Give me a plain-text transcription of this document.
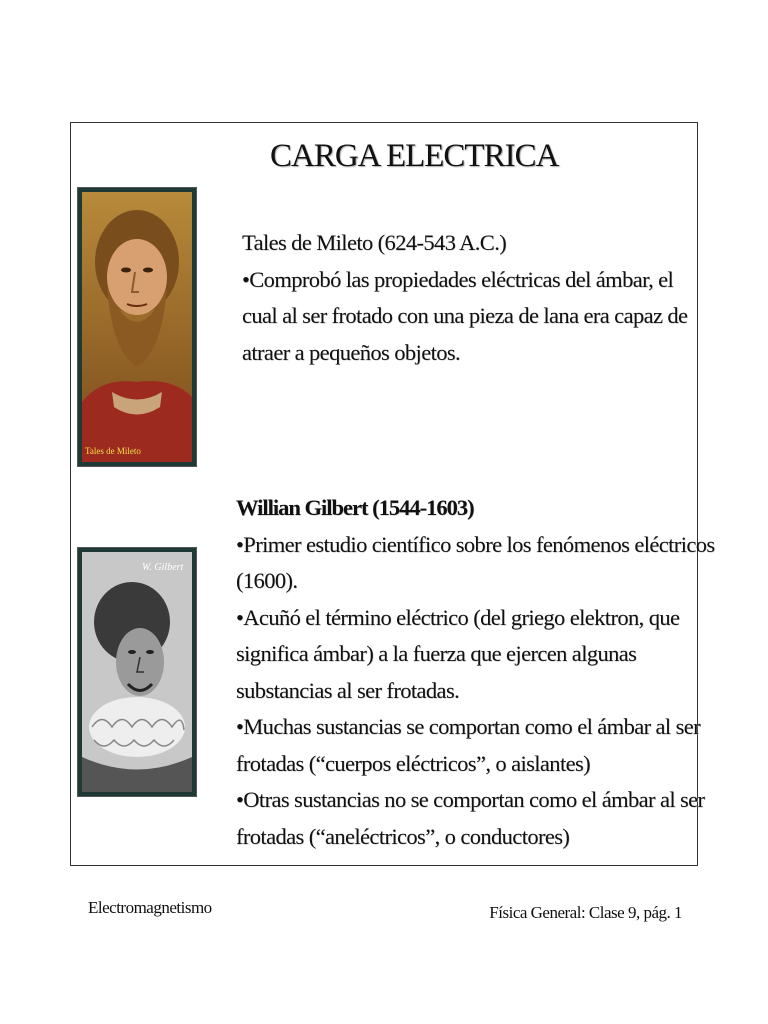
CARGA ELECTRICA
Tales de Mileto
W. Gilbert
Tales de Mileto (624-543 A.C.)
•Comprobó las propiedades eléctricas del ámbar, el
cual al ser frotado con una pieza de lana era capaz de
atraer a pequeños objetos.
Willian Gilbert (1544-1603)
•Primer estudio científico sobre los fenómenos eléctricos
(1600).
•Acuñó el término eléctrico (del griego elektron, que
significa ámbar) a la fuerza que ejercen algunas
substancias al ser frotadas.
•Muchas sustancias se comportan como el ámbar al ser
frotadas (“cuerpos eléctricos”, o aislantes)
•Otras sustancias no se comportan como el ámbar al ser
frotadas (“aneléctricos”, o conductores)
Electromagnetismo	Física General: Clase 9, pág. 1
